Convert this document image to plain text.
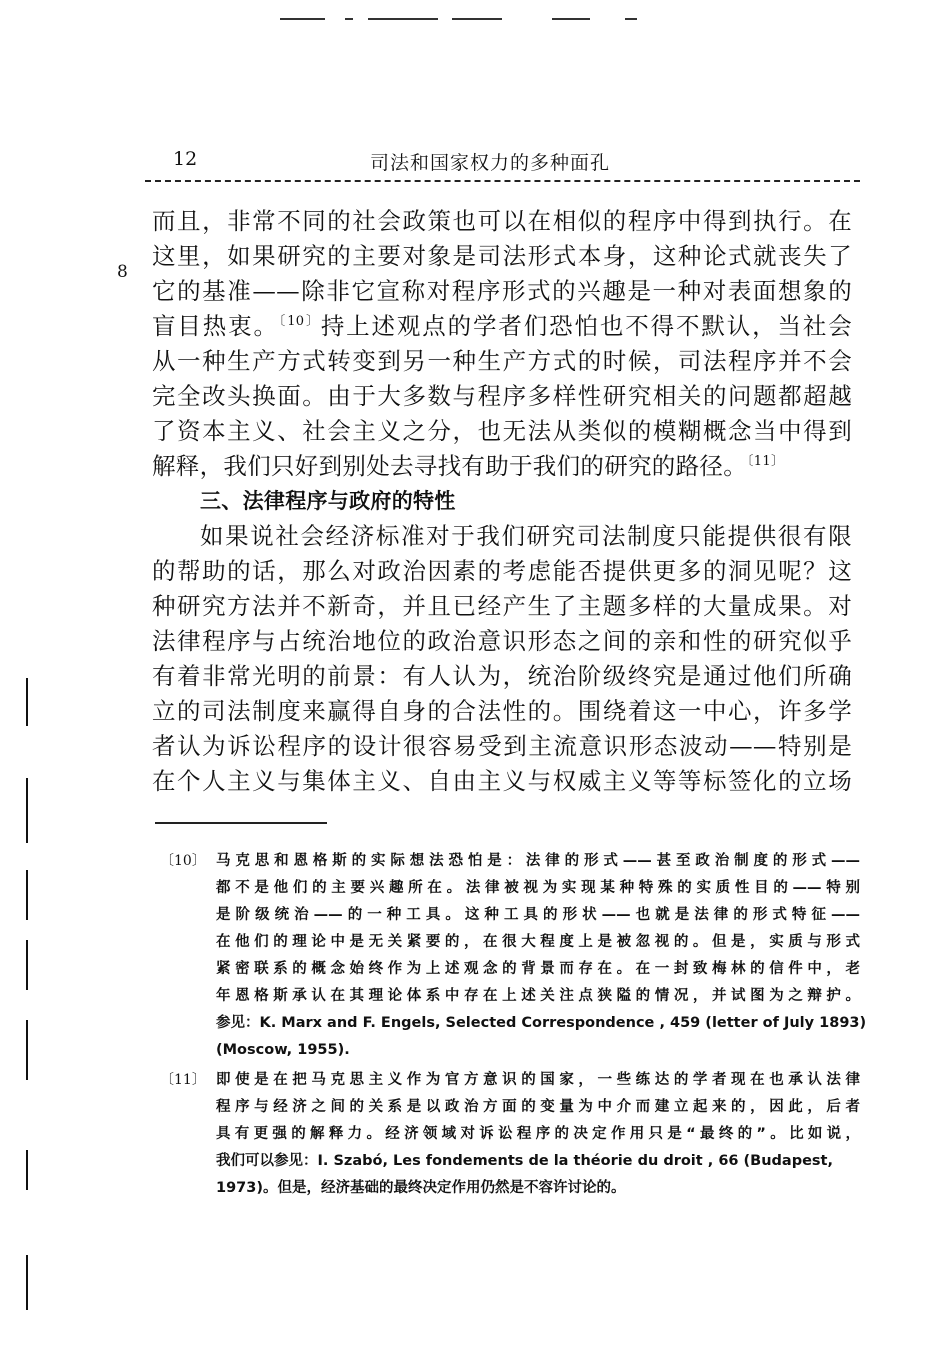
12	司法和国家权力的多种面孔
8
而且，非常不同的社会政策也可以在相似的程序中得到执行。在
这里，如果研究的主要对象是司法形式本身，这种论式就丧失了
它的基准——除非它宣称对程序形式的兴趣是一种对表面想象的
盲目热衷。$^{〔10〕}$持上述观点的学者们恐怕也不得不默认，当社会
从一种生产方式转变到另一种生产方式的时候，司法程序并不会
完全改头换面。由于大多数与程序多样性研究相关的问题都超越
了资本主义、社会主义之分，也无法从类似的模糊概念当中得到
解释，我们只好到别处去寻找有助于我们的研究的路径。$^{〔11〕}$
三、法律程序与政府的特性
如果说社会经济标准对于我们研究司法制度只能提供很有限
的帮助的话，那么对政治因素的考虑能否提供更多的洞见呢？这
种研究方法并不新奇，并且已经产生了主题多样的大量成果。对
法律程序与占统治地位的政治意识形态之间的亲和性的研究似乎
有着非常光明的前景：有人认为，统治阶级终究是通过他们所确
立的司法制度来赢得自身的合法性的。围绕着这一中心，许多学
者认为诉讼程序的设计很容易受到主流意识形态波动——特别是
在个人主义与集体主义、自由主义与权威主义等等标签化的立场
〔10〕 马克思和恩格斯的实际想法恐怕是：法律的形式——甚至政治制度的形式——
都不是他们的主要兴趣所在。法律被视为实现某种特殊的实质性目的——特别
是阶级统治——的一种工具。这种工具的形状——也就是法律的形式特征——
在他们的理论中是无关紧要的，在很大程度上是被忽视的。但是，实质与形式
紧密联系的概念始终作为上述观念的背景而存在。在一封致梅林的信件中，老
年恩格斯承认在其理论体系中存在上述关注点狭隘的情况，并试图为之辩护。
参见：K. Marx and F. Engels, Selected Correspondence , 459 (letter of July 1893)
(Moscow, 1955).
〔11〕 即使是在把马克思主义作为官方意识的国家，一些练达的学者现在也承认法律
程序与经济之间的关系是以政治方面的变量为中介而建立起来的，因此，后者
具有更强的解释力。经济领域对诉讼程序的决定作用只是“最终的”。比如说，
我们可以参见：I. Szabó, Les fondements de la théorie du droit , 66 (Budapest,
1973)。但是，经济基础的最终决定作用仍然是不容许讨论的。
